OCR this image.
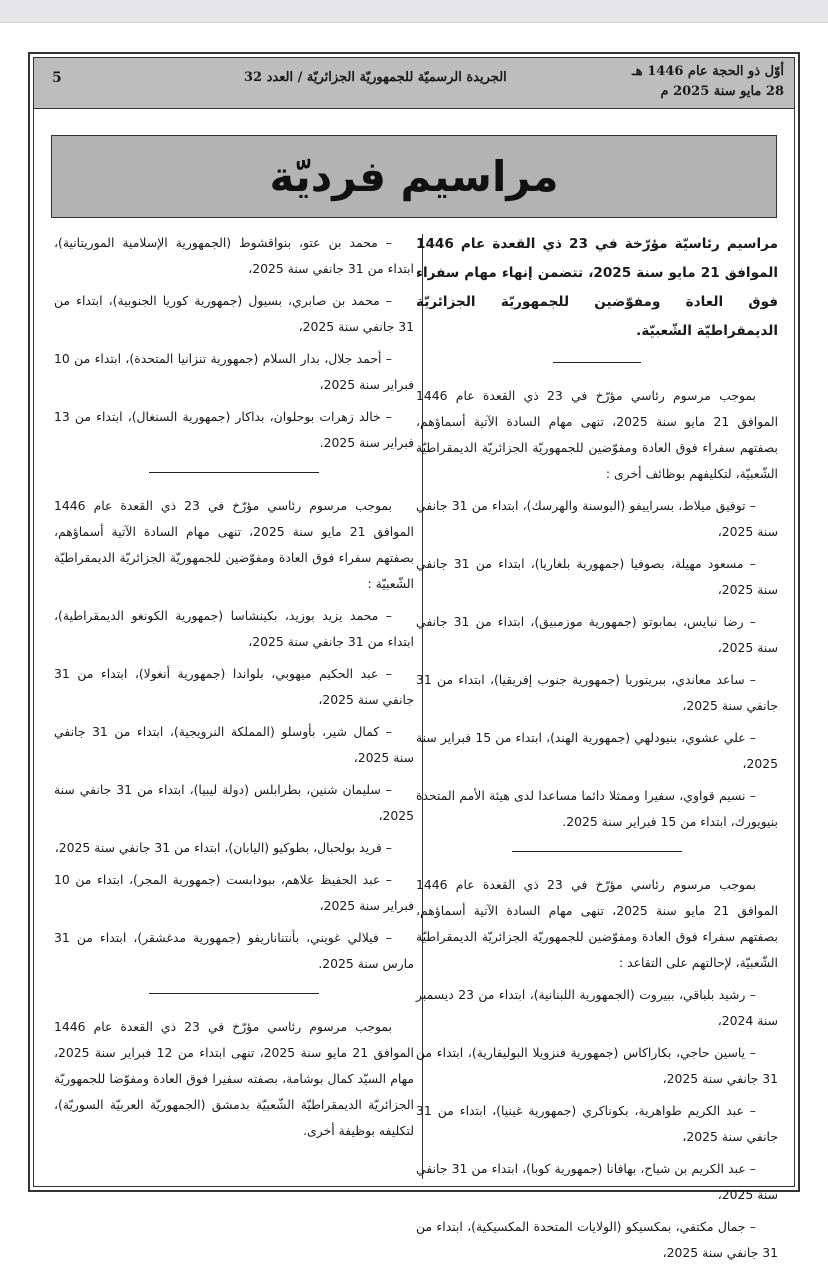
أوّل ذو الحجة عام 1446 هـ
28 مايو سنة 2025 م
الجريدة الرسميّة للجمهوريّة الجزائريّة / العدد 32
5
مراسيم فرديّة

مراسيم رئاسيّة مؤرّخة في 23 ذي القعدة عام 1446 الموافق 21 مايو سنة 2025، تتضمن إنهاء مهام سفراء فوق العادة ومفوّضين للجمهوريّة الجزائريّة الديمقراطيّة الشّعبيّة.

بموجب مرسوم رئاسي مؤرّخ في 23 ذي القعدة عام 1446 الموافق 21 مايو سنة 2025، تنهى مهام السادة الآتية أسماؤهم، بصفتهم سفراء فوق العادة ومفوّضين للجمهوريّة الجزائريّة الديمقراطيّة الشّعبيّة، لتكليفهم بوظائف أخرى :

– توفيق ميلاط، بسراييفو (البوسنة والهرسك)، ابتداء من 31 جانفي سنة 2025،

– مسعود مهيلة، بصوفيا (جمهورية بلغاريا)، ابتداء من 31 جانفي سنة 2025،

– رضا نبايس، بمابوتو (جمهورية موزمبيق)، ابتداء من 31 جانفي سنة 2025،

– ساعد معاندي، ببريتوريا (جمهورية جنوب إفريقيا)، ابتداء من 31 جانفي سنة 2025،

– علي عشوي، بنيودلهي (جمهورية الهند)، ابتداء من 15 فبراير سنة 2025،

– نسيم قواوي، سفيرا وممثلا دائما مساعدا لدى هيئة الأمم المتحدة بنيويورك، ابتداء من 15 فبراير سنة 2025.

بموجب مرسوم رئاسي مؤرّخ في 23 ذي القعدة عام 1446 الموافق 21 مايو سنة 2025، تنهى مهام السادة الآتية أسماؤهم، بصفتهم سفراء فوق العادة ومفوّضين للجمهوريّة الجزائريّة الديمقراطيّة الشّعبيّة، لإحالتهم على التقاعد :

– رشيد بلباقي، ببيروت (الجمهورية اللبنانية)، ابتداء من 23 ديسمبر سنة 2024،

– ياسين حاجي، بكاراكاس (جمهورية فنزويلا البوليفارية)، ابتداء من 31 جانفي سنة 2025،

– عبد الكريم طواهرية، بكوناكري (جمهورية غينيا)، ابتداء من 31 جانفي سنة 2025،

– عبد الكريم بن شياح، بهافانا (جمهورية كوبا)، ابتداء من 31 جانفي سنة 2025،

– جمال مكتفي، بمكسيكو (الولايات المتحدة المكسيكية)، ابتداء من 31 جانفي سنة 2025،

– محمد بن عتو، بنواقشوط (الجمهورية الإسلامية الموريتانية)، ابتداء من 31 جانفي سنة 2025،

– محمد بن صابري، بسيول (جمهورية كوريا الجنوبية)، ابتداء من 31 جانفي سنة 2025،

– أحمد جلال، بدار السلام (جمهورية تنزانيا المتحدة)، ابتداء من 10 فبراير سنة 2025،

– خالد زهرات بوحلوان، بداكار (جمهورية السنغال)، ابتداء من 13 فبراير سنة 2025.

بموجب مرسوم رئاسي مؤرّخ في 23 ذي القعدة عام 1446 الموافق 21 مايو سنة 2025، تنهى مهام السادة الآتية أسماؤهم، بصفتهم سفراء فوق العادة ومفوّضين للجمهوريّة الجزائريّة الديمقراطيّة الشّعبيّة :

– محمد يزيد بوزيد، بكينشاسا (جمهورية الكونغو الديمقراطية)، ابتداء من 31 جانفي سنة 2025،

– عبد الحكيم ميهوبي، بلواندا (جمهورية أنغولا)، ابتداء من 31 جانفي سنة 2025،

– كمال شير، بأوسلو (المملكة النرويجية)، ابتداء من 31 جانفي سنة 2025،

– سليمان شنين، بطرابلس (دولة ليبيا)، ابتداء من 31 جانفي سنة 2025،

– فريد بولحبال، بطوكيو (اليابان)، ابتداء من 31 جانفي سنة 2025،

– عبد الحفيظ علاهم، ببودابست (جمهورية المجر)، ابتداء من 10 فبراير سنة 2025،

– فيلالي غويني، بأنتناناريفو (جمهورية مدغشقر)، ابتداء من 31 مارس سنة 2025.

بموجب مرسوم رئاسي مؤرّخ في 23 ذي القعدة عام 1446 الموافق 21 مايو سنة 2025، تنهى ابتداء من 12 فبراير سنة 2025، مهام السيّد كمال بوشامة، بصفته سفيرا فوق العادة ومفوّضا للجمهوريّة الجزائريّة الديمقراطيّة الشّعبيّة بدمشق (الجمهوريّة العربيّة السوريّة)، لتكليفه بوظيفة أخرى.
